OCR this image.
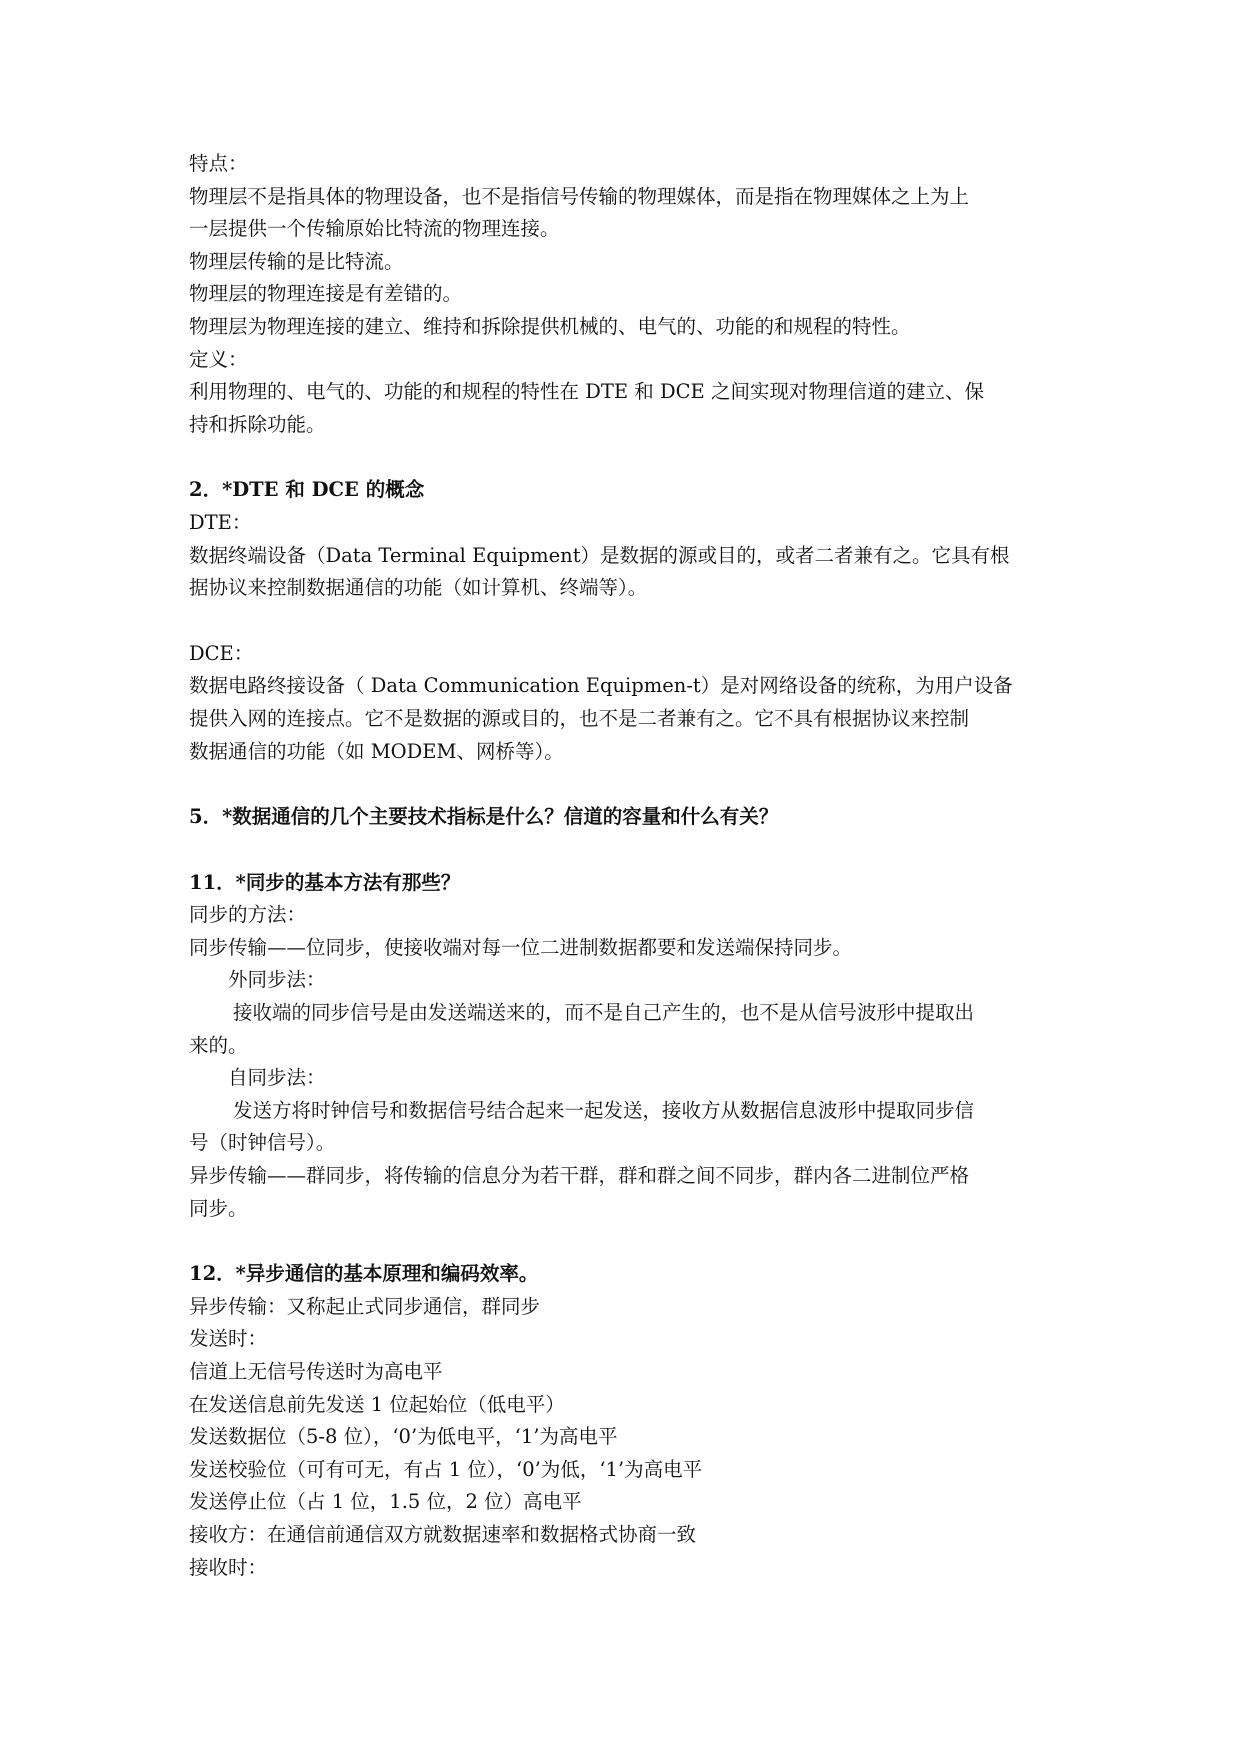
特点：

物理层不是指具体的物理设备，也不是指信号传输的物理媒体，而是指在物理媒体之上为上

一层提供一个传输原始比特流的物理连接。

物理层传输的是比特流。

物理层的物理连接是有差错的。

物理层为物理连接的建立、维持和拆除提供机械的、电气的、功能的和规程的特性。

定义：

利用物理的、电气的、功能的和规程的特性在 DTE 和 DCE 之间实现对物理信道的建立、保

持和拆除功能。

2．*DTE 和 DCE 的概念

DTE：

数据终端设备（Data Terminal Equipment）是数据的源或目的，或者二者兼有之。它具有根

据协议来控制数据通信的功能（如计算机、终端等）。

DCE：

数据电路终接设备（ Data Communication Equipmen-t）是对网络设备的统称，为用户设备

提供入网的连接点。它不是数据的源或目的，也不是二者兼有之。它不具有根据协议来控制

数据通信的功能（如 MODEM、网桥等）。

5．*数据通信的几个主要技术指标是什么？信道的容量和什么有关？

11．*同步的基本方法有那些？

同步的方法：

同步传输——位同步，使接收端对每一位二进制数据都要和发送端保持同步。

外同步法：

接收端的同步信号是由发送端送来的，而不是自己产生的，也不是从信号波形中提取出

来的。

自同步法：

发送方将时钟信号和数据信号结合起来一起发送，接收方从数据信息波形中提取同步信

号（时钟信号）。

异步传输——群同步，将传输的信息分为若干群，群和群之间不同步，群内各二进制位严格

同步。

12．*异步通信的基本原理和编码效率。

异步传输：又称起止式同步通信，群同步

发送时：

信道上无信号传送时为高电平

在发送信息前先发送 1 位起始位（低电平）

发送数据位（5-8 位），‘0’为低电平，‘1’为高电平

发送校验位（可有可无，有占 1 位），‘0’为低，‘1’为高电平

发送停止位（占 1 位，1.5 位，2 位）高电平

接收方：在通信前通信双方就数据速率和数据格式协商一致

接收时：
